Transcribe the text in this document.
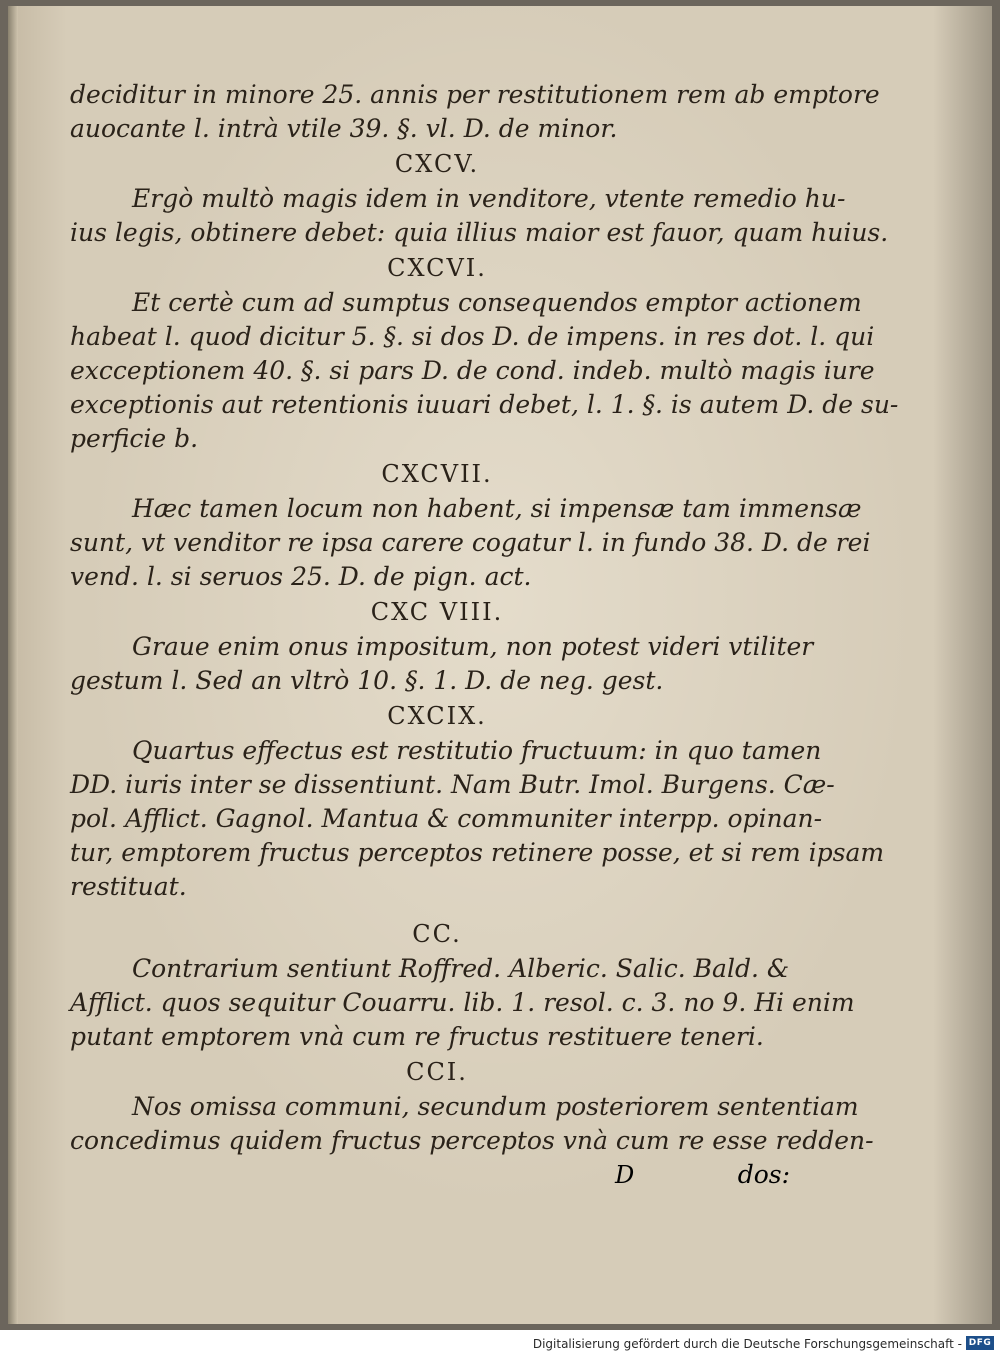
deciditur in minore 25. annis per restitutionem rem ab emptore
auocante l. intrà vtile 39. §. vl. D. de minor.
CXCV.
Ergò multò magis idem in venditore, vtente remedio hu-
ius legis, obtinere debet: quia illius maior est fauor, quam huius.
CXCVI.
Et certè cum ad sumptus consequendos emptor actionem
habeat l. quod dicitur 5. §. si dos D. de impens. in res dot. l. qui
excceptionem 40. §. si pars D. de cond. indeb. multò magis iure
exceptionis aut retentionis iuuari debet, l. 1. §. is autem D. de su-
perficie b.
CXCVII.
Hæc tamen locum non habent, si impensæ tam immensæ
sunt, vt venditor re ipsa carere cogatur l. in fundo 38. D. de rei
vend. l. si seruos 25. D. de pign. act.
CXC VIII.
Graue enim onus impositum, non potest videri vtiliter
gestum l. Sed an vltrò 10. §. 1. D. de neg. gest.
CXCIX.
Quartus effectus est restitutio fructuum: in quo tamen
DD. iuris inter se dissentiunt. Nam Butr. Imol. Burgens. Cæ-
pol. Afflict. Gagnol. Mantua & communiter interpp. opinan-
tur, emptorem fructus perceptos retinere posse, et si rem ipsam
restituat.
CC.
Contrarium sentiunt Roffred. Alberic. Salic. Bald. &
Afflict. quos sequitur Couarru. lib. 1. resol. c. 3. no 9. Hi enim
putant emptorem vnà cum re fructus restituere teneri.
CCI.
Nos omissa communi, secundum posteriorem sententiam
concedimus quidem fructus perceptos vnà cum re esse redden-
D	dos:
Digitalisierung gefördert durch die Deutsche Forschungsgemeinschaft - DFG
